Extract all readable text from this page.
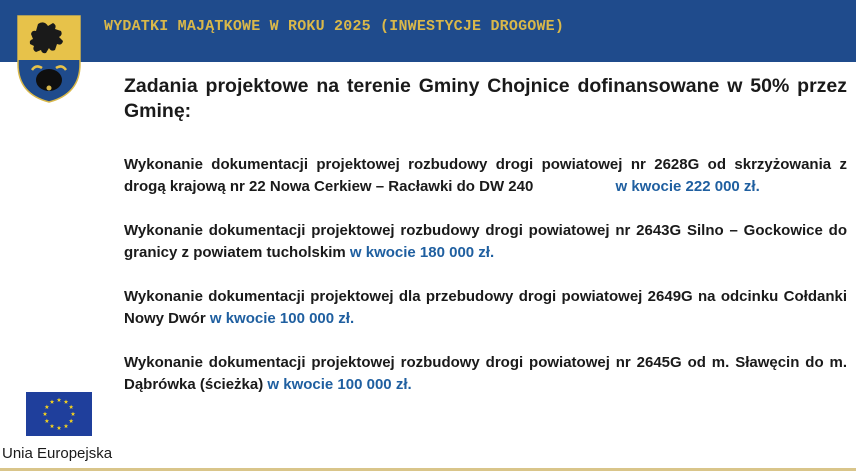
WYDATKI MAJĄTKOWE W ROKU 2025 (INWESTYCJE DROGOWE)

Zadania projektowe na terenie Gminy Chojnice dofinansowane w 50% przez Gminę:

Wykonanie dokumentacji projektowej rozbudowy drogi powiatowej nr 2628G od skrzyżowania z drogą krajową nr 22 Nowa Cerkiew – Racławki do DW 240	w kwocie 222 000 zł.

Wykonanie dokumentacji projektowej rozbudowy drogi powiatowej nr 2643G Silno – Gockowice do granicy z powiatem tucholskim w kwocie 180 000 zł.

Wykonanie dokumentacji projektowej dla przebudowy drogi powiatowej 2649G na odcinku Cołdanki Nowy Dwór w kwocie 100 000 zł.

Wykonanie dokumentacji projektowej rozbudowy drogi powiatowej nr 2645G od m. Sławęcin do m. Dąbrówka (ścieżka) w kwocie 100 000 zł.

Unia Europejska
